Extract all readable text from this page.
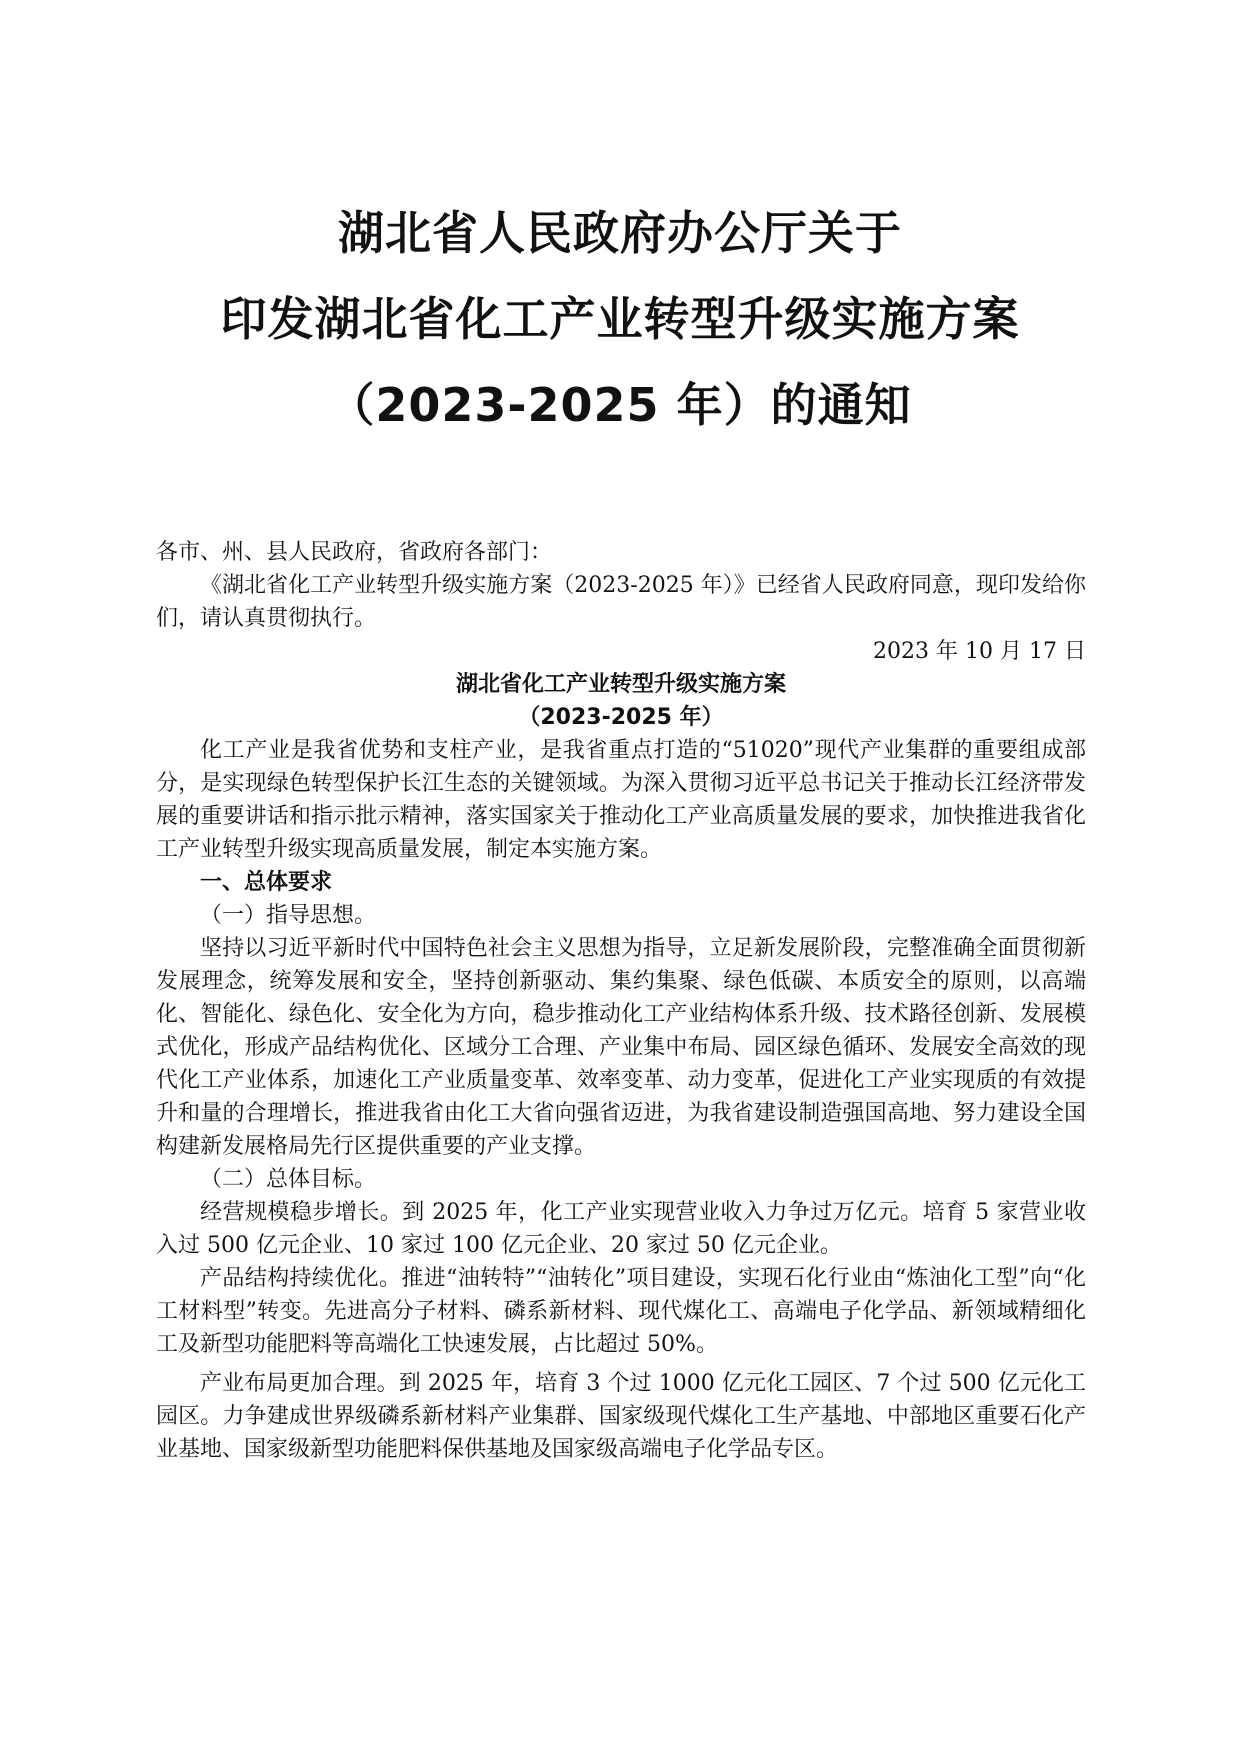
湖北省人民政府办公厅关于
印发湖北省化工产业转型升级实施方案
（2023-2025 年）的通知

各市、州、县人民政府，省政府各部门：

《湖北省化工产业转型升级实施方案（2023-2025 年）》已经省人民政府同意，现印发给你们，请认真贯彻执行。

2023 年 10 月 17 日

湖北省化工产业转型升级实施方案

（2023-2025 年）

化工产业是我省优势和支柱产业，是我省重点打造的“51020”现代产业集群的重要组成部分，是实现绿色转型保护长江生态的关键领域。为深入贯彻习近平总书记关于推动长江经济带发展的重要讲话和指示批示精神，落实国家关于推动化工产业高质量发展的要求，加快推进我省化工产业转型升级实现高质量发展，制定本实施方案。

一、总体要求

（一）指导思想。

坚持以习近平新时代中国特色社会主义思想为指导，立足新发展阶段，完整准确全面贯彻新发展理念，统筹发展和安全，坚持创新驱动、集约集聚、绿色低碳、本质安全的原则，以高端化、智能化、绿色化、安全化为方向，稳步推动化工产业结构体系升级、技术路径创新、发展模式优化，形成产品结构优化、区域分工合理、产业集中布局、园区绿色循环、发展安全高效的现代化工产业体系，加速化工产业质量变革、效率变革、动力变革，促进化工产业实现质的有效提升和量的合理增长，推进我省由化工大省向强省迈进，为我省建设制造强国高地、努力建设全国构建新发展格局先行区提供重要的产业支撑。

（二）总体目标。

经营规模稳步增长。到 2025 年，化工产业实现营业收入力争过万亿元。培育 5 家营业收入过 500 亿元企业、10 家过 100 亿元企业、20 家过 50 亿元企业。

产品结构持续优化。推进“油转特”“油转化”项目建设，实现石化行业由“炼油化工型”向“化工材料型”转变。先进高分子材料、磷系新材料、现代煤化工、高端电子化学品、新领域精细化工及新型功能肥料等高端化工快速发展，占比超过 50%。

产业布局更加合理。到 2025 年，培育 3 个过 1000 亿元化工园区、7 个过 500 亿元化工园区。力争建成世界级磷系新材料产业集群、国家级现代煤化工生产基地、中部地区重要石化产业基地、国家级新型功能肥料保供基地及国家级高端电子化学品专区。
